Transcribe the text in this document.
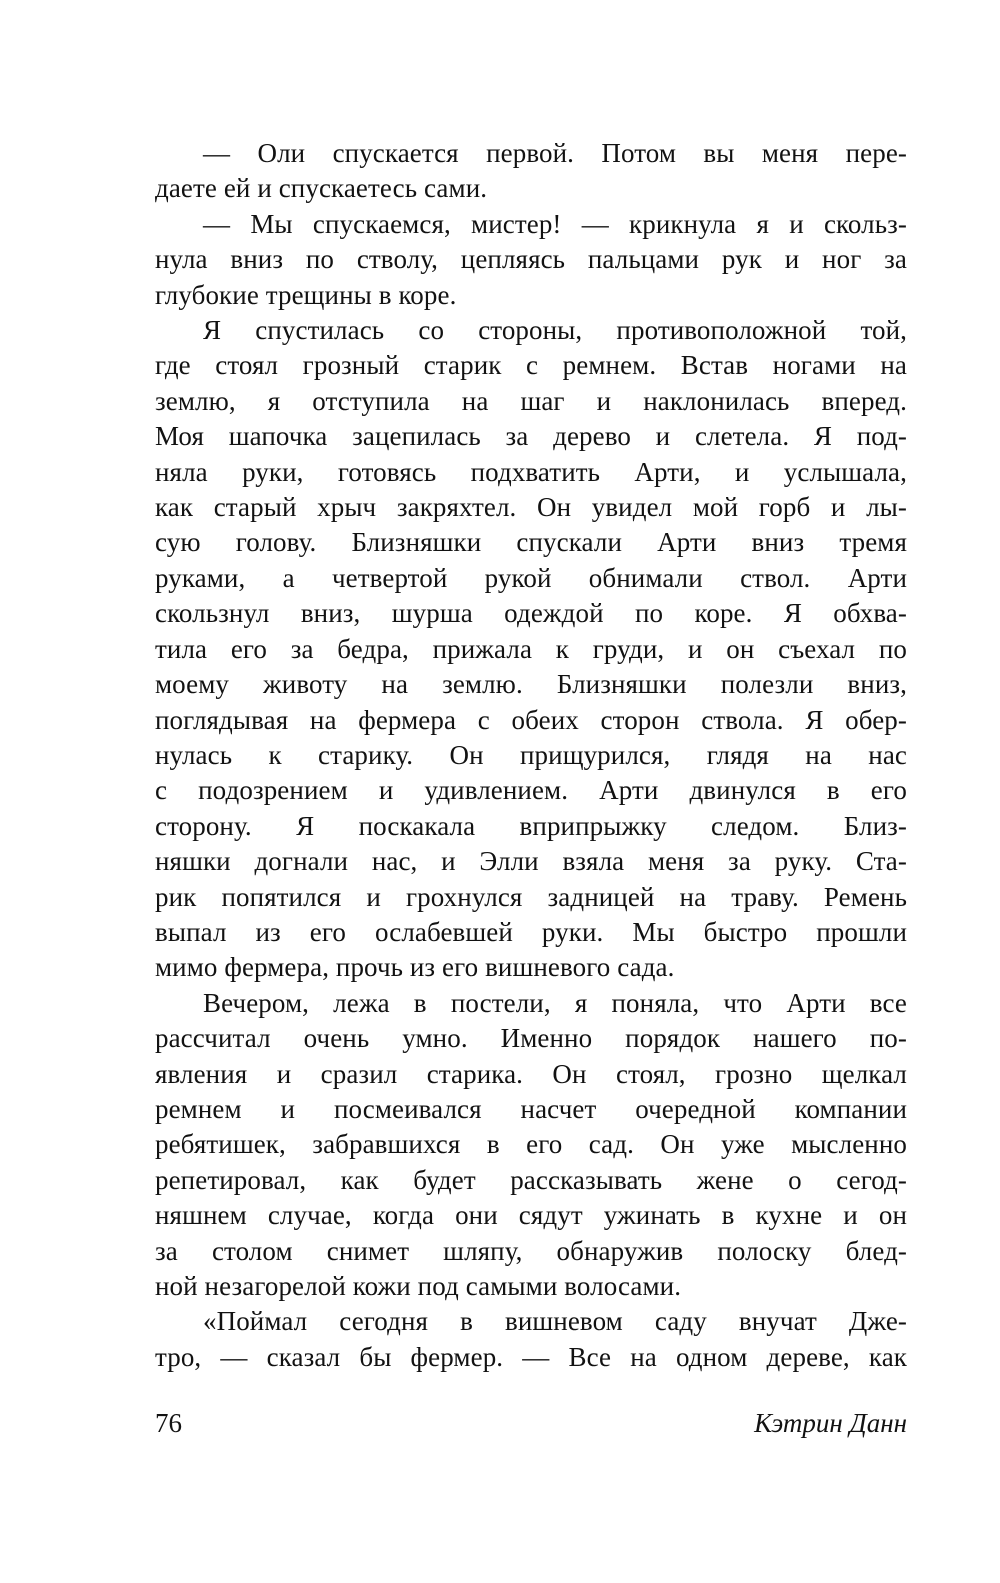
— Оли спускается первой. Потом вы меня пере-
даете ей и спускаетесь сами.
— Мы спускаемся, мистер! — крикнула я и скольз-
нула вниз по стволу, цепляясь пальцами рук и ног за
глубокие трещины в коре.
Я спустилась со стороны, противоположной той,
где стоял грозный старик с ремнем. Встав ногами на
землю, я отступила на шаг и наклонилась вперед.
Моя шапочка зацепилась за дерево и слетела. Я под-
няла руки, готовясь подхватить Арти, и услышала,
как старый хрыч закряхтел. Он увидел мой горб и лы-
сую голову. Близняшки спускали Арти вниз тремя
руками, а четвертой рукой обнимали ствол. Арти
скользнул вниз, шурша одеждой по коре. Я обхва-
тила его за бедра, прижала к груди, и он съехал по
моему животу на землю. Близняшки полезли вниз,
поглядывая на фермера с обеих сторон ствола. Я обер-
нулась к старику. Он прищурился, глядя на нас
с подозрением и удивлением. Арти двинулся в его
сторону. Я поскакала вприпрыжку следом. Близ-
няшки догнали нас, и Элли взяла меня за руку. Ста-
рик попятился и грохнулся задницей на траву. Ремень
выпал из его ослабевшей руки. Мы быстро прошли
мимо фермера, прочь из его вишневого сада.
Вечером, лежа в постели, я поняла, что Арти все
рассчитал очень умно. Именно порядок нашего по-
явления и сразил старика. Он стоял, грозно щелкал
ремнем и посмеивался насчет очередной компании
ребятишек, забравшихся в его сад. Он уже мысленно
репетировал, как будет рассказывать жене о сегод-
няшнем случае, когда они сядут ужинать в кухне и он
за столом снимет шляпу, обнаружив полоску блед-
ной незагорелой кожи под самыми волосами.
«Поймал сегодня в вишневом саду внучат Дже-
тро, — сказал бы фермер. — Все на одном дереве, как
76	Кэтрин Данн
